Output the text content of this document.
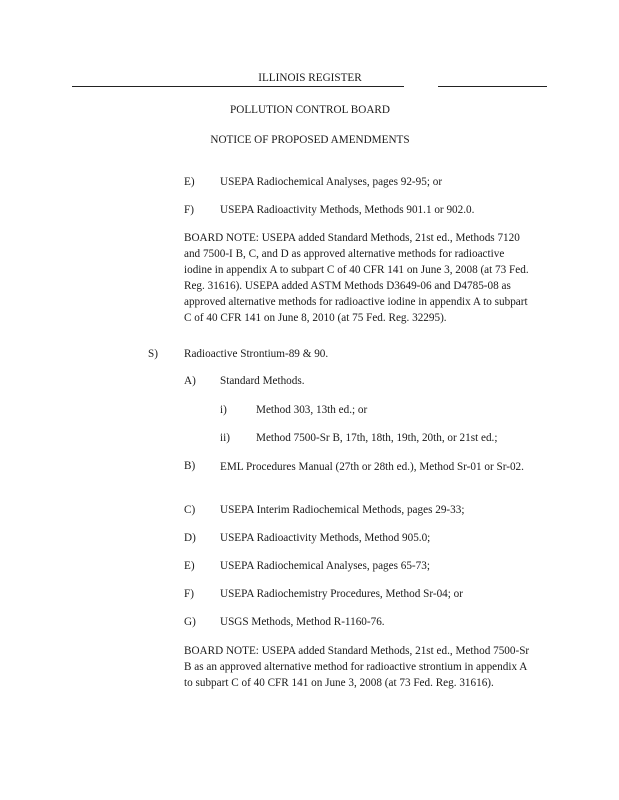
ILLINOIS REGISTER
POLLUTION CONTROL BOARD
NOTICE OF PROPOSED AMENDMENTS
E) USEPA Radiochemical Analyses, pages 92-95; or
F) USEPA Radioactivity Methods, Methods 901.1 or 902.0.
BOARD NOTE: USEPA added Standard Methods, 21st ed., Methods 7120 and 7500-I B, C, and D as approved alternative methods for radioactive iodine in appendix A to subpart C of 40 CFR 141 on June 3, 2008 (at 73 Fed. Reg. 31616). USEPA added ASTM Methods D3649-06 and D4785-08 as approved alternative methods for radioactive iodine in appendix A to subpart C of 40 CFR 141 on June 8, 2010 (at 75 Fed. Reg. 32295).
S) Radioactive Strontium-89 & 90.
A) Standard Methods.
i)	Method 303, 13th ed.; or
ii) Method 7500-Sr B, 17th, 18th, 19th, 20th, or 21st ed.;
B) EML Procedures Manual (27th or 28th ed.), Method Sr-01 or Sr-02.
C) USEPA Interim Radiochemical Methods, pages 29-33;
D) USEPA Radioactivity Methods, Method 905.0;
E) USEPA Radiochemical Analyses, pages 65-73;
F) USEPA Radiochemistry Procedures, Method Sr-04; or
G) USGS Methods, Method R-1160-76.
BOARD NOTE: USEPA added Standard Methods, 21st ed., Method 7500-Sr B as an approved alternative method for radioactive strontium in appendix A to subpart C of 40 CFR 141 on June 3, 2008 (at 73 Fed. Reg. 31616).
